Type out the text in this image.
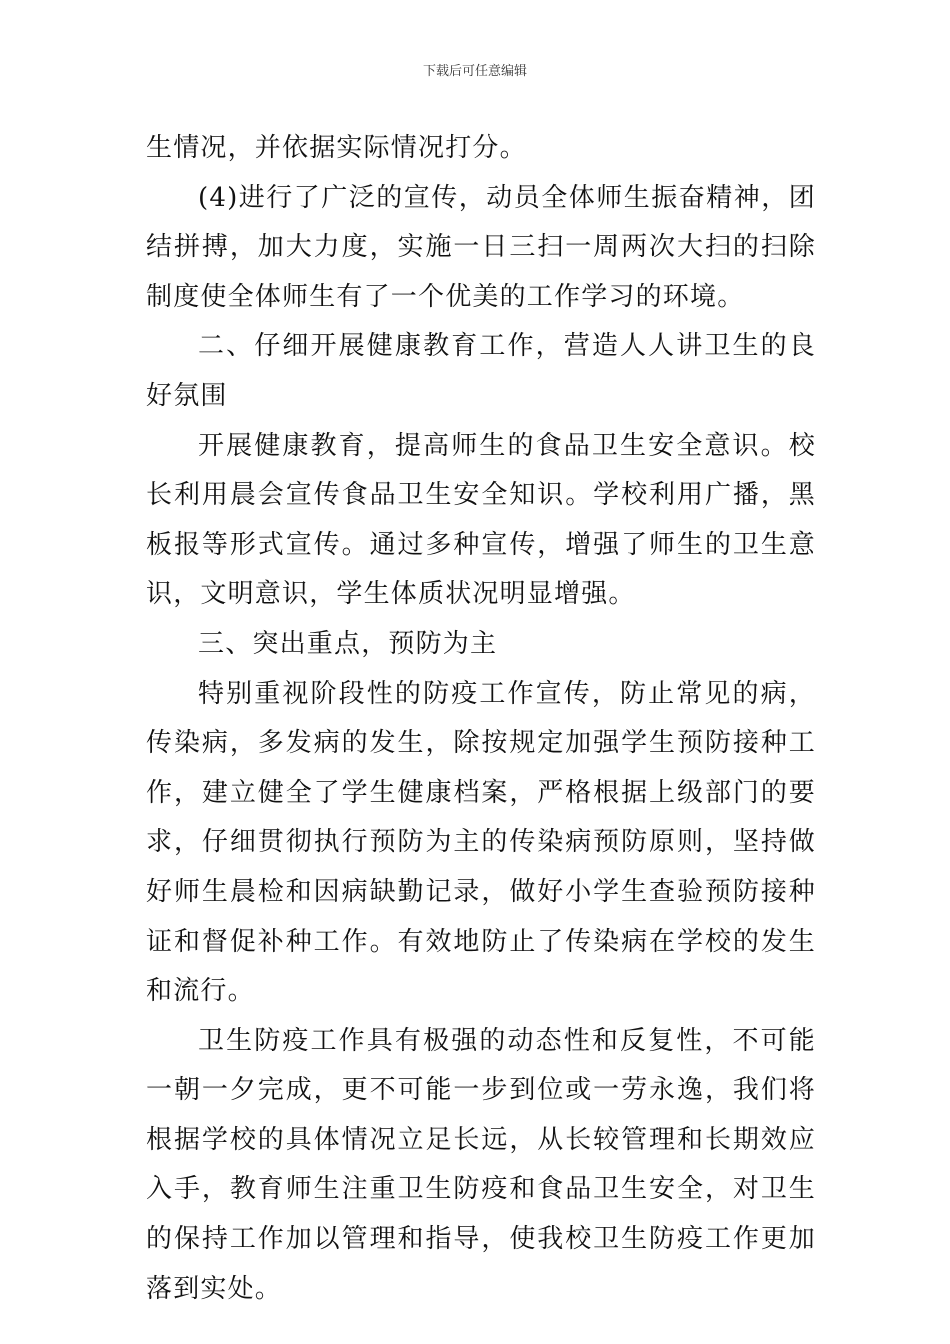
下载后可任意编辑

生情况，并依据实际情况打分。

(4)进行了广泛的宣传，动员全体师生振奋精神，团结拼搏，加大力度，实施一日三扫一周两次大扫的扫除制度使全体师生有了一个优美的工作学习的环境。

二、仔细开展健康教育工作，营造人人讲卫生的良好氛围

开展健康教育，提高师生的食品卫生安全意识。校长利用晨会宣传食品卫生安全知识。学校利用广播，黑板报等形式宣传。通过多种宣传，增强了师生的卫生意识，文明意识，学生体质状况明显增强。

三、突出重点，预防为主

特别重视阶段性的防疫工作宣传，防止常见的病，传染病，多发病的发生，除按规定加强学生预防接种工作，建立健全了学生健康档案，严格根据上级部门的要求，仔细贯彻执行预防为主的传染病预防原则，坚持做好师生晨检和因病缺勤记录，做好小学生查验预防接种证和督促补种工作。有效地防止了传染病在学校的发生和流行。

卫生防疫工作具有极强的动态性和反复性，不可能一朝一夕完成，更不可能一步到位或一劳永逸，我们将根据学校的具体情况立足长远，从长较管理和长期效应入手，教育师生注重卫生防疫和食品卫生安全，对卫生的保持工作加以管理和指导，使我校卫生防疫工作更加落到实处。
